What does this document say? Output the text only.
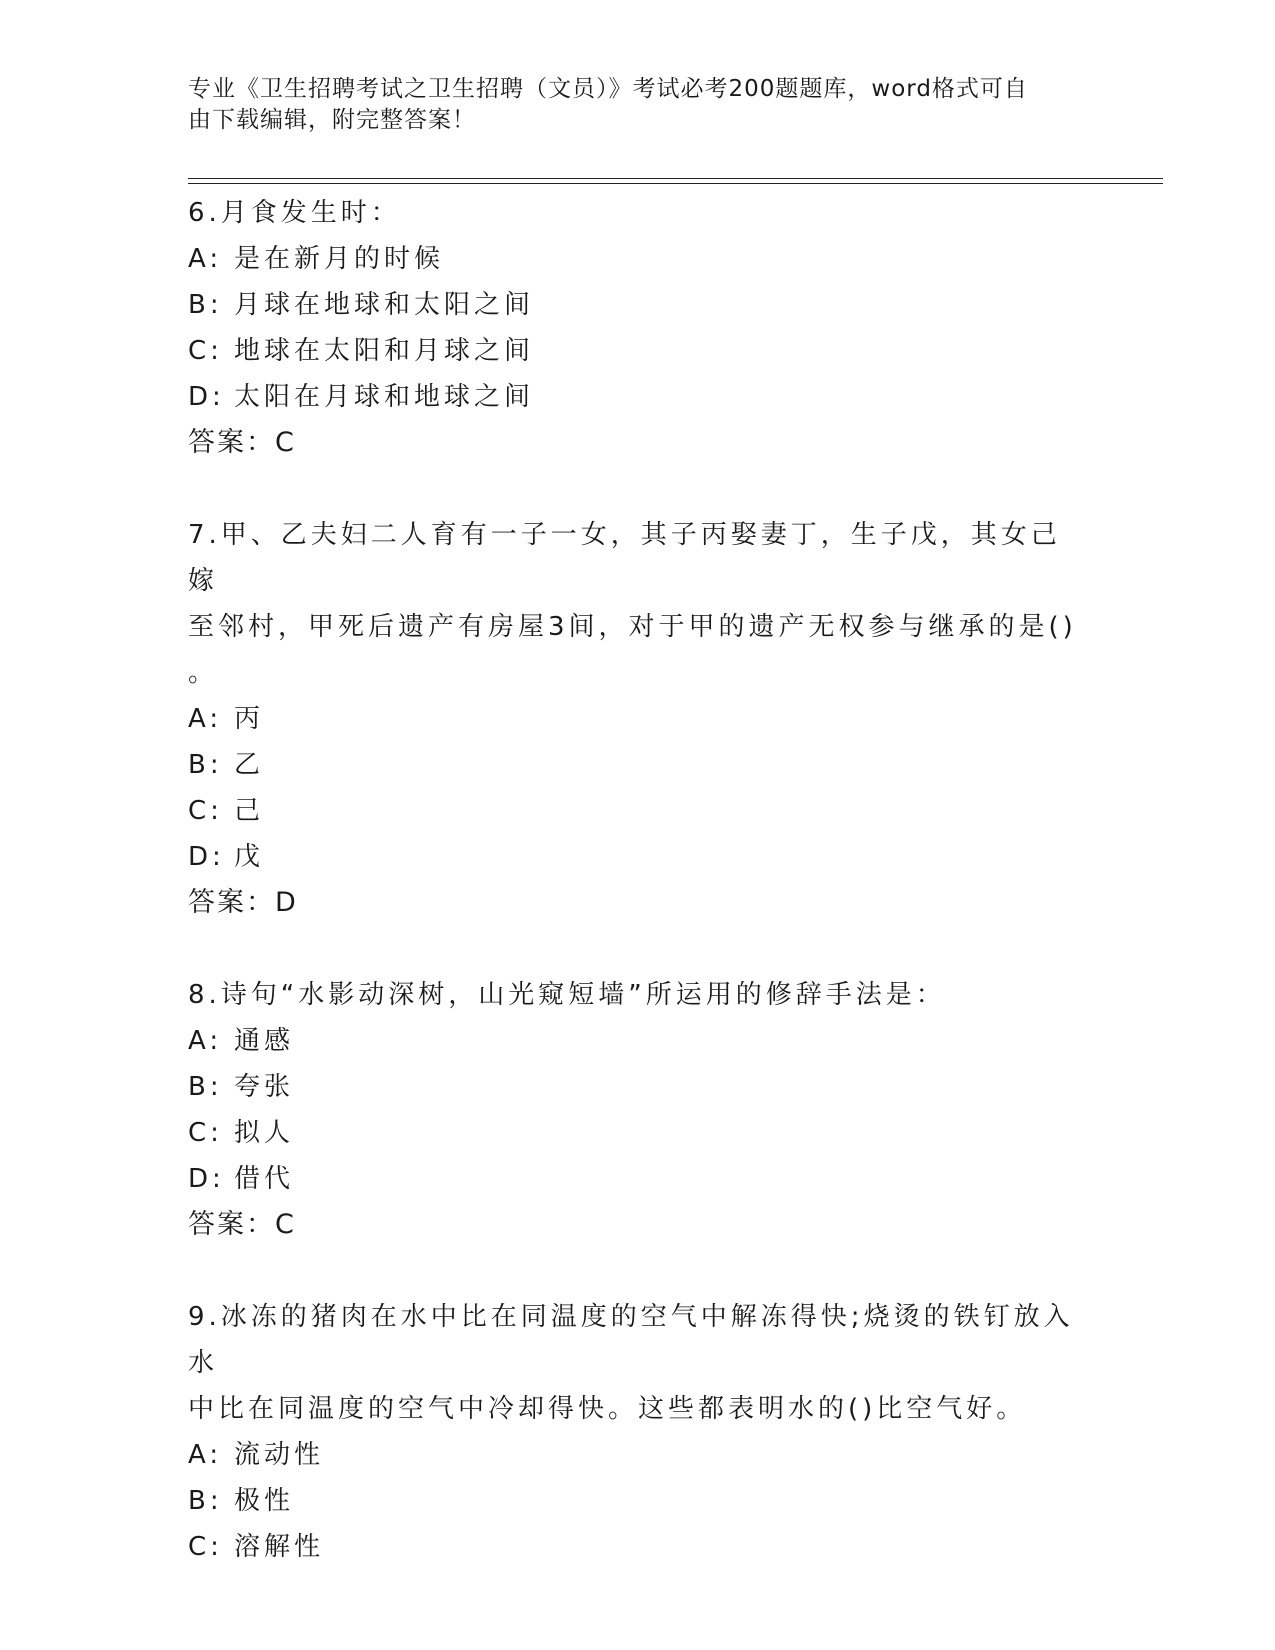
专业《卫生招聘考试之卫生招聘（文员）》考试必考200题题库，word格式可自
由下载编辑，附完整答案！
6.月食发生时：
A: 是在新月的时候
B: 月球在地球和太阳之间
C: 地球在太阳和月球之间
D: 太阳在月球和地球之间
答案：C
7.甲、乙夫妇二人育有一子一女，其子丙娶妻丁，生子戊，其女己嫁
至邻村，甲死后遗产有房屋3间，对于甲的遗产无权参与继承的是()
。
A: 丙
B: 乙
C: 己
D: 戊
答案：D
8.诗句“水影动深树，山光窥短墙”所运用的修辞手法是：
A: 通感
B: 夸张
C: 拟人
D: 借代
答案：C
9.冰冻的猪肉在水中比在同温度的空气中解冻得快;烧烫的铁钉放入水
中比在同温度的空气中冷却得快。这些都表明水的()比空气好。
A: 流动性
B: 极性
C: 溶解性
